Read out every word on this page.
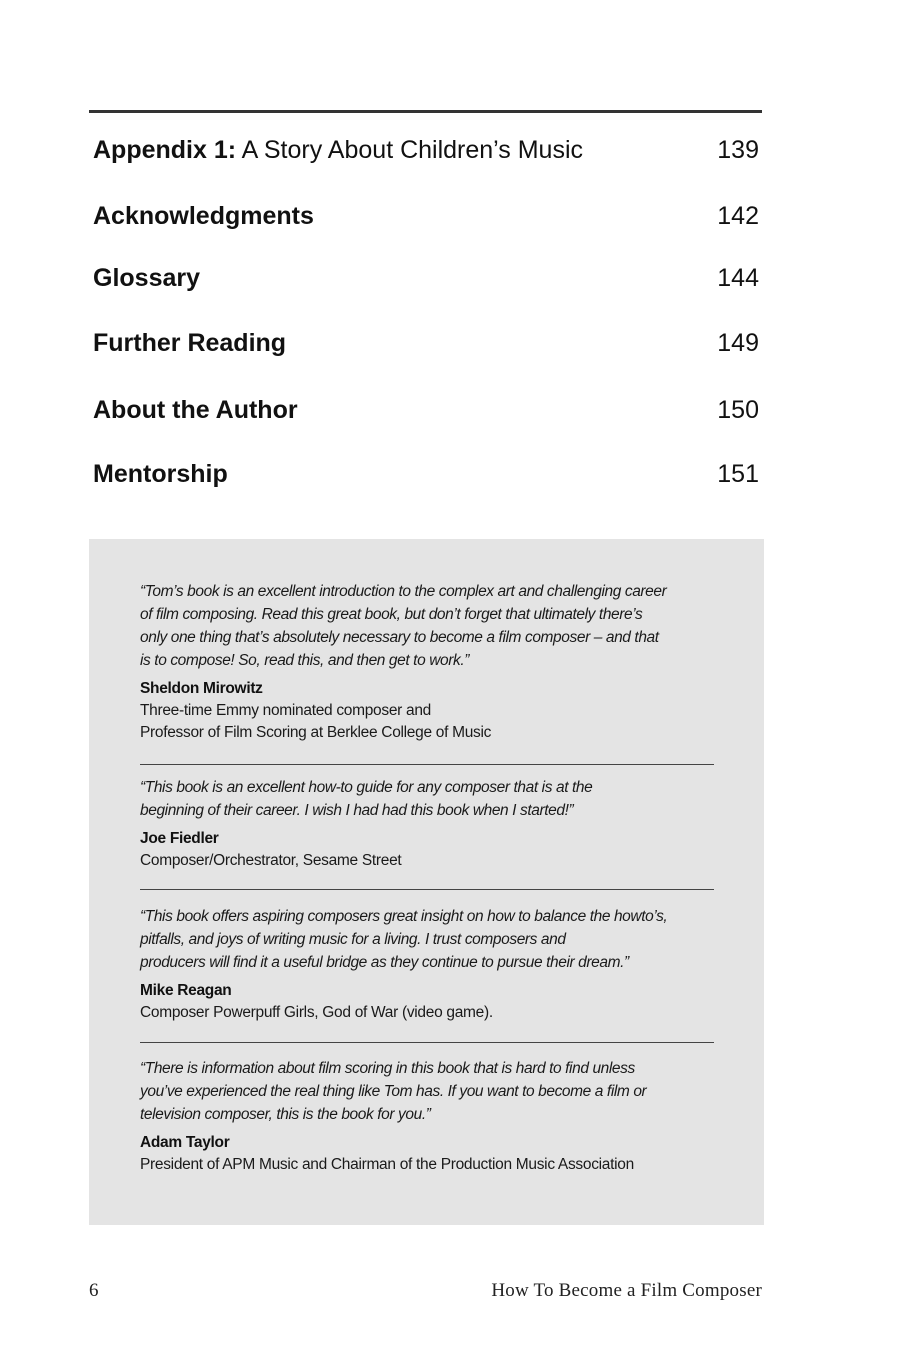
Appendix 1: A Story About Children’s Music	139
Acknowledgments	142
Glossary	144
Further Reading	149
About the Author	150
Mentorship	151

“Tom’s book is an excellent introduction to the complex art and challenging career
of film composing. Read this great book, but don’t forget that ultimately there’s
only one thing that’s absolutely necessary to become a film composer – and that
is to compose! So, read this, and then get to work.”

Sheldon Mirowitz
Three-time Emmy nominated composer and
Professor of Film Scoring at Berklee College of Music

“This book is an excellent how-to guide for any composer that is at the
beginning of their career. I wish I had had this book when I started!”

Joe Fiedler
Composer/Orchestrator, Sesame Street

“This book offers aspiring composers great insight on how to balance the howto’s,
pitfalls, and joys of writing music for a living. I trust composers and
producers will find it a useful bridge as they continue to pursue their dream.”

Mike Reagan
Composer Powerpuff Girls, God of War (video game).

“There is information about film scoring in this book that is hard to find unless
you’ve experienced the real thing like Tom has. If you want to become a film or
television composer, this is the book for you.”

Adam Taylor
President of APM Music and Chairman of the Production Music Association
6	How To Become a Film Composer
